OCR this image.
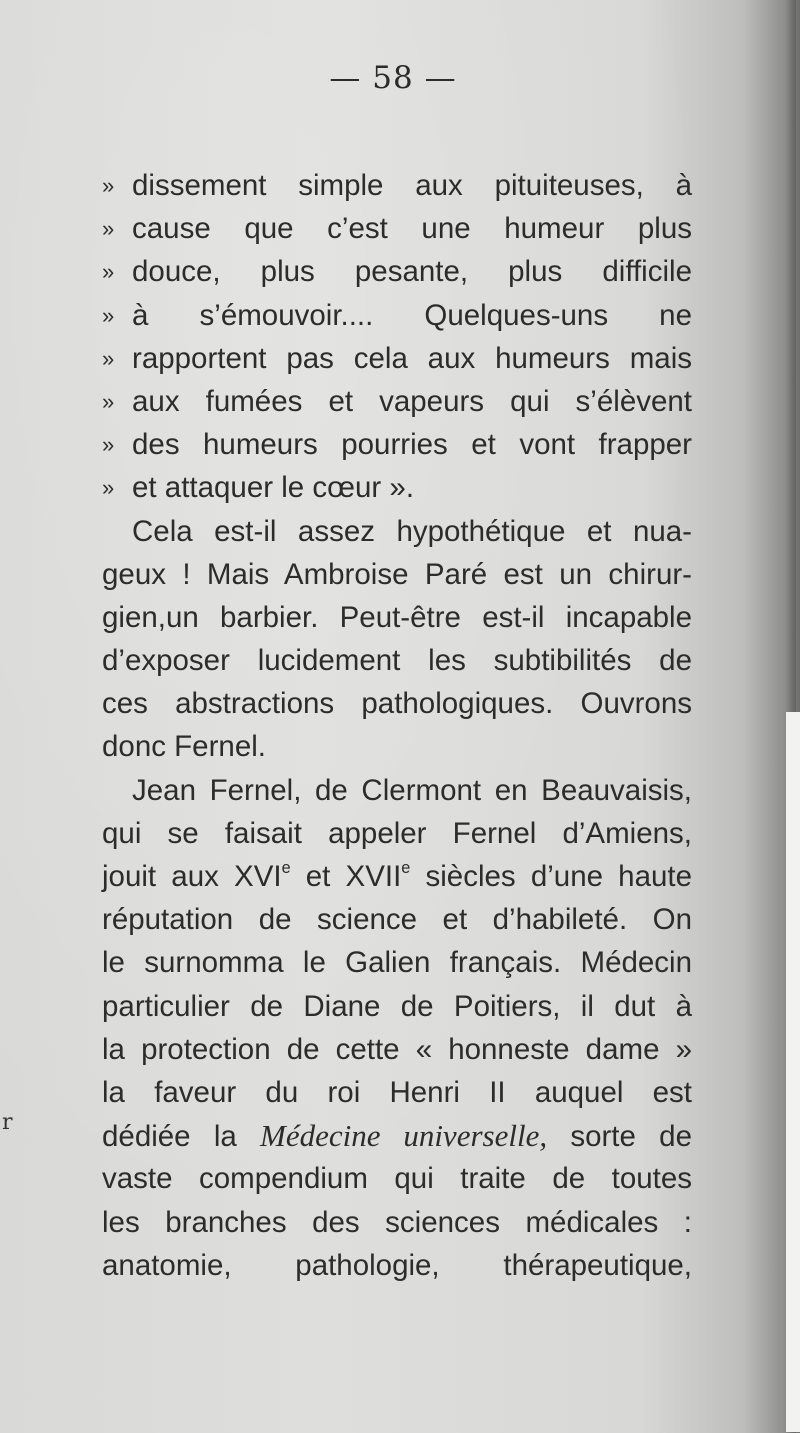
— 58 —
r
» dissement simple aux pituiteuses, à
» cause que c’est une humeur plus
» douce, plus pesante, plus difficile
» à s’émouvoir.... Quelques-uns ne
» rapportent pas cela aux humeurs mais
» aux fumées et vapeurs qui s’élèvent
» des humeurs pourries et vont frapper
» et attaquer le cœur ».
Cela est-il assez hypothétique et nua-
geux ! Mais Ambroise Paré est un chirur-
gien,un barbier. Peut-être est-il incapable
d’exposer lucidement les subtibilités de
ces abstractions pathologiques. Ouvrons
donc Fernel.
Jean Fernel, de Clermont en Beauvaisis,
qui se faisait appeler Fernel d’Amiens,
jouit aux XVIe et XVIIe siècles d’une haute
réputation de science et d’habileté. On
le surnomma le Galien français. Médecin
particulier de Diane de Poitiers, il dut à
la protection de cette « honneste dame »
la faveur du roi Henri II auquel est
dédiée la Médecine universelle, sorte de
vaste compendium qui traite de toutes
les branches des sciences médicales :
anatomie, pathologie, thérapeutique,
